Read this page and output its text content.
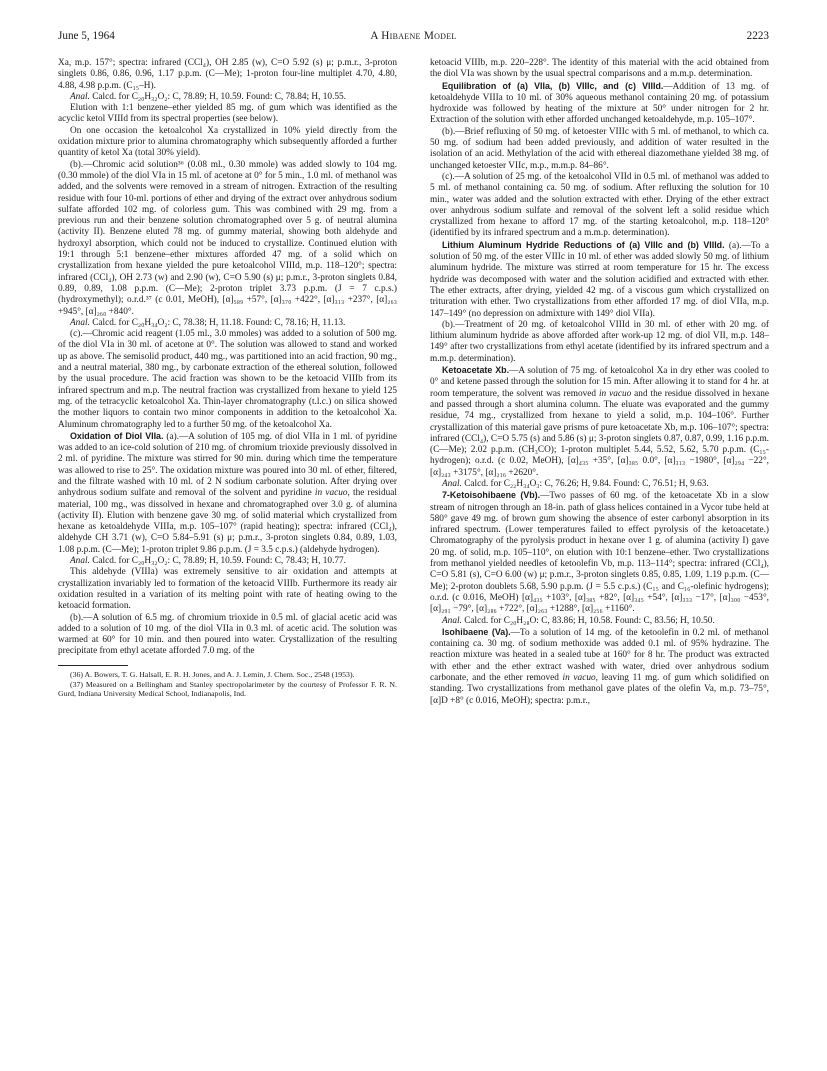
June 5, 1964	A Hibaene Model	2223

Xa, m.p. 157°; spectra: infrared (CCl₄), OH 2.85 (w), C=O 5.92 (s) μ; p.m.r., 3-proton singlets 0.86, 0.86, 0.96, 1.17 p.p.m. (C—Me); 1-proton four-line multiplet 4.70, 4.80, 4.88, 4.98 p.p.m. (C₁₅–H).

Anal. Calcd. for C₂₀H₃₂O₂: C, 78.89; H, 10.59. Found: C, 78.84; H, 10.55.

Elution with 1:1 benzene–ether yielded 85 mg. of gum which was identified as the acyclic ketol VIIId from its spectral properties (see below).

On one occasion the ketoalcohol Xa crystallized in 10% yield directly from the oxidation mixture prior to alumina chromatography which subsequently afforded a further quantity of ketol Xa (total 30% yield).

(b).—Chromic acid solution³⁶ (0.08 ml., 0.30 mmole) was added slowly to 104 mg. (0.30 mmole) of the diol VIa in 15 ml. of acetone at 0° for 5 min., 1.0 ml. of methanol was added, and the solvents were removed in a stream of nitrogen. Extraction of the resulting residue with four 10-ml. portions of ether and drying of the extract over anhydrous sodium sulfate afforded 102 mg. of colorless gum. This was combined with 29 mg. from a previous run and their benzene solution chromatographed over 5 g. of neutral alumina (activity II). Benzene eluted 78 mg. of gummy material, showing both aldehyde and hydroxyl absorption, which could not be induced to crystallize. Continued elution with 19:1 through 5:1 benzene–ether mixtures afforded 47 mg. of a solid which on crystallization from hexane yielded the pure ketoalcohol VIIId, m.p. 118–120°; spectra: infrared (CCl₄), OH 2.73 (w) and 2.90 (w), C=O 5.90 (s) μ; p.m.r., 3-proton singlets 0.84, 0.89, 0.89, 1.08 p.p.m. (C—Me); 2-proton triplet 3.73 p.p.m. (J = 7 c.p.s.) (hydroxymethyl); o.r.d.³⁷ (c 0.01, MeOH), [α]₅₈₉ +57°, [α]₃₇₀ +422°, [α]₃₁₃ +237°, [α]₂₆₃ +945°, [α]₂₆₀ +840°.

Anal. Calcd. for C₂₀H₃₄O₂: C, 78.38; H, 11.18. Found: C, 78.16; H, 11.13.

(c).—Chromic acid reagent (1.05 ml., 3.0 mmoles) was added to a solution of 500 mg. of the diol VIa in 30 ml. of acetone at 0°. The solution was allowed to stand and worked up as above. The semisolid product, 440 mg., was partitioned into an acid fraction, 90 mg., and a neutral material, 380 mg., by carbonate extraction of the ethereal solution, followed by the usual procedure. The acid fraction was shown to be the ketoacid VIIIb from its infrared spectrum and m.p. The neutral fraction was crystallized from hexane to yield 125 mg. of the tetracyclic ketoalcohol Xa. Thin-layer chromatography (t.l.c.) on silica showed the mother liquors to contain two minor components in addition to the ketoalcohol Xa. Aluminum chromatography led to a further 50 mg. of the ketoalcohol Xa.

Oxidation of Diol VIIa. (a).—A solution of 105 mg. of diol VIIa in 1 ml. of pyridine was added to an ice-cold solution of 210 mg. of chromium trioxide previously dissolved in 2 ml. of pyridine. The mixture was stirred for 90 min. during which time the temperature was allowed to rise to 25°. The oxidation mixture was poured into 30 ml. of ether, filtered, and the filtrate washed with 10 ml. of 2 N sodium carbonate solution. After drying over anhydrous sodium sulfate and removal of the solvent and pyridine in vacuo, the residual material, 100 mg., was dissolved in hexane and chromatographed over 3.0 g. of alumina (activity II). Elution with benzene gave 30 mg. of solid material which crystallized from hexane as ketoaldehyde VIIIa, m.p. 105–107° (rapid heating); spectra: infrared (CCl₄), aldehyde CH 3.71 (w), C=O 5.84–5.91 (s) μ; p.m.r., 3-proton singlets 0.84, 0.89, 1.03, 1.08 p.p.m. (C—Me); 1-proton triplet 9.86 p.p.m. (J = 3.5 c.p.s.) (aldehyde hydrogen).

Anal. Calcd. for C₂₀H₃₂O₂: C, 78.89; H, 10.59. Found: C, 78.43; H, 10.77.

This aldehyde (VIIIa) was extremely sensitive to air oxidation and attempts at crystallization invariably led to formation of the ketoacid VIIIb. Furthermore its ready air oxidation resulted in a variation of its melting point with rate of heating owing to the ketoacid formation.

(b).—A solution of 6.5 mg. of chromium trioxide in 0.5 ml. of glacial acetic acid was added to a solution of 10 mg. of the diol VIIa in 0.3 ml. of acetic acid. The solution was warmed at 60° for 10 min. and then poured into water. Crystallization of the resulting precipitate from ethyl acetate afforded 7.0 mg. of the

(36) A. Bowers, T. G. Halsall, E. R. H. Jones, and A. J. Lemin, J. Chem. Soc., 2548 (1953).

(37) Measured on a Bellingham and Stanley spectropolarimeter by the courtesy of Professor F. R. N. Gurd, Indiana University Medical School, Indianapolis, Ind.

ketoacid VIIIb, m.p. 220–228°. The identity of this material with the acid obtained from the diol VIa was shown by the usual spectral comparisons and a m.m.p. determination.

Equilibration of (a) VIIa, (b) VIIIc, and (c) VIIId.—Addition of 13 mg. of ketoaldehyde VIIIa to 10 ml. of 30% aqueous methanol containing 20 mg. of potassium hydroxide was followed by heating of the mixture at 50° under nitrogen for 2 hr. Extraction of the solution with ether afforded unchanged ketoaldehyde, m.p. 105–107°.

(b).—Brief refluxing of 50 mg. of ketoester VIIIc with 5 ml. of methanol, to which ca. 50 mg. of sodium had been added previously, and addition of water resulted in the isolation of an acid. Methylation of the acid with ethereal diazomethane yielded 38 mg. of unchanged ketoester VIIc, m.p., m.m.p. 84–86°.

(c).—A solution of 25 mg. of the ketoalcohol VIId in 0.5 ml. of methanol was added to 5 ml. of methanol containing ca. 50 mg. of sodium. After refluxing the solution for 10 min., water was added and the solution extracted with ether. Drying of the ether extract over anhydrous sodium sulfate and removal of the solvent left a solid residue which crystallized from hexane to afford 17 mg. of the starting ketoalcohol, m.p. 118–120° (identified by its infrared spectrum and a m.m.p. determination).

Lithium Aluminum Hydride Reductions of (a) VIIIc and (b) VIIId. (a).—To a solution of 50 mg. of the ester VIIIc in 10 ml. of ether was added slowly 50 mg. of lithium aluminum hydride. The mixture was stirred at room temperature for 15 hr. The excess hydride was decomposed with water and the solution acidified and extracted with ether. The ether extracts, after drying, yielded 42 mg. of a viscous gum which crystallized on trituration with ether. Two crystallizations from ether afforded 17 mg. of diol VIIa, m.p. 147–149° (no depression on admixture with 149° diol VIIa).

(b).—Treatment of 20 mg. of ketoalcohol VIIId in 30 ml. of ether with 20 mg. of lithium aluminum hydride as above afforded after work-up 12 mg. of diol VII, m.p. 148–149° after two crystallizations from ethyl acetate (identified by its infrared spectrum and a m.m.p. determination).

Ketoacetate Xb.—A solution of 75 mg. of ketoalcohol Xa in dry ether was cooled to 0° and ketene passed through the solution for 15 min. After allowing it to stand for 4 hr. at room temperature, the solvent was removed in vacuo and the residue dissolved in hexane and passed through a short alumina column. The eluate was evaporated and the gummy residue, 74 mg., crystallized from hexane to yield a solid, m.p. 104–106°. Further crystallization of this material gave prisms of pure ketoacetate Xb, m.p. 106–107°; spectra: infrared (CCl₄), C=O 5.75 (s) and 5.86 (s) μ; 3-proton singlets 0.87, 0.87, 0.99, 1.16 p.p.m. (C—Me); 2.02 p.p.m. (CH₃CO); 1-proton multiplet 5.44, 5.52, 5.62, 5.70 p.p.m. (C₁₅-hydrogen); o.r.d. (c 0.02, MeOH), [α]₄₃₅ +35°, [α]₃₈₅ 0.0°, [α]₃₁₃ −1980°, [α]₂₉₄ −22°, [α]₂₄₃ +3175°, [α]₂₁₆ +2620°.

Anal. Calcd. for C₂₂H₃₄O₃: C, 76.26; H, 9.84. Found: C, 76.51; H, 9.63.

7-Ketoisohibaene (Vb).—Two passes of 60 mg. of the ketoacetate Xb in a slow stream of nitrogen through an 18-in. path of glass helices contained in a Vycor tube held at 580° gave 49 mg. of brown gum showing the absence of ester carbonyl absorption in its infrared spectrum. (Lower temperatures failed to effect pyrolysis of the ketoacetate.) Chromatography of the pyrolysis product in hexane over 1 g. of alumina (activity I) gave 20 mg. of solid, m.p. 105–110°, on elution with 10:1 benzene–ether. Two crystallizations from methanol yielded needles of ketoolefin Vb, m.p. 113–114°; spectra: infrared (CCl₄), C=O 5.81 (s), C=O 6.00 (w) μ; p.m.r., 3-proton singlets 0.85, 0.85, 1.09, 1.19 p.p.m. (C—Me); 2-proton doublets 5.68, 5.90 p.p.m. (J = 5.5 c.p.s.) (C₁₅ and C₁₆-olefinic hydrogens); o.r.d. (c 0.016, MeOH) [α]₄₃₅ +103°, [α]₃₈₅ +82°, [α]₃₄₅ +54°, [α]₃₃₃ −17°, [α]₃₀₀ −453°, [α]₂₉₁ −79°, [α]₂₈₆ +722°, [α]₂₆₃ +1288°, [α]₂₅₆ +1160°.

Anal. Calcd. for C₂₀H₂₈O: C, 83.86; H, 10.58. Found: C, 83.56; H, 10.50.

Isohibaene (Va).—To a solution of 14 mg. of the ketoolefin in 0.2 ml. of methanol containing ca. 30 mg. of sodium methoxide was added 0.1 ml. of 95% hydrazine. The reaction mixture was heated in a sealed tube at 160° for 8 hr. The product was extracted with ether and the ether extract washed with water, dried over anhydrous sodium carbonate, and the ether removed in vacuo, leaving 11 mg. of gum which solidified on standing. Two crystallizations from methanol gave plates of the olefin Va, m.p. 73–75°, [α]D +8° (c 0.016, MeOH); spectra: p.m.r.,
